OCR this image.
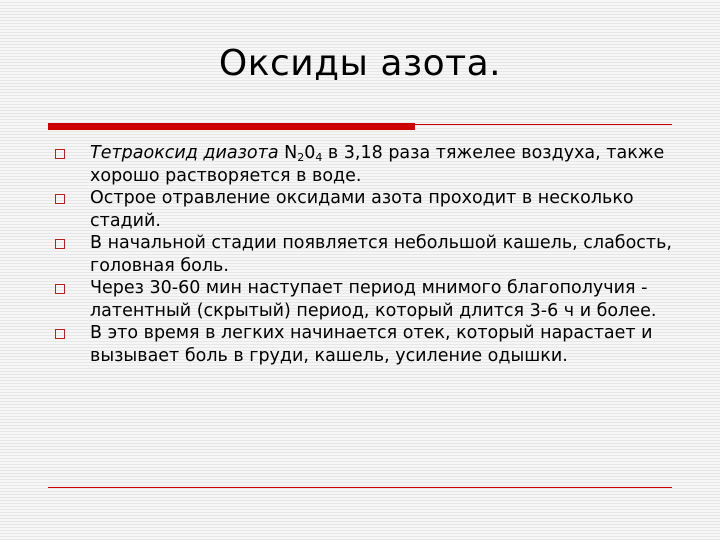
Оксиды азота.
Тетраоксид диазота $N_20_4$ в 3,18 раза тяжелее воздуха, также хорошо растворяется в воде.
Острое отравление оксидами азота проходит в несколько стадий.
В начальной стадии появляется небольшой кашель, слабость, головная боль.
Через 30-60 мин наступает период мнимого благополучия - латентный (скрытый) период, который длится 3-6 ч и более.
В это время в легких начинается отек, который нарастает и вызывает боль в груди, кашель, усиление одышки.
